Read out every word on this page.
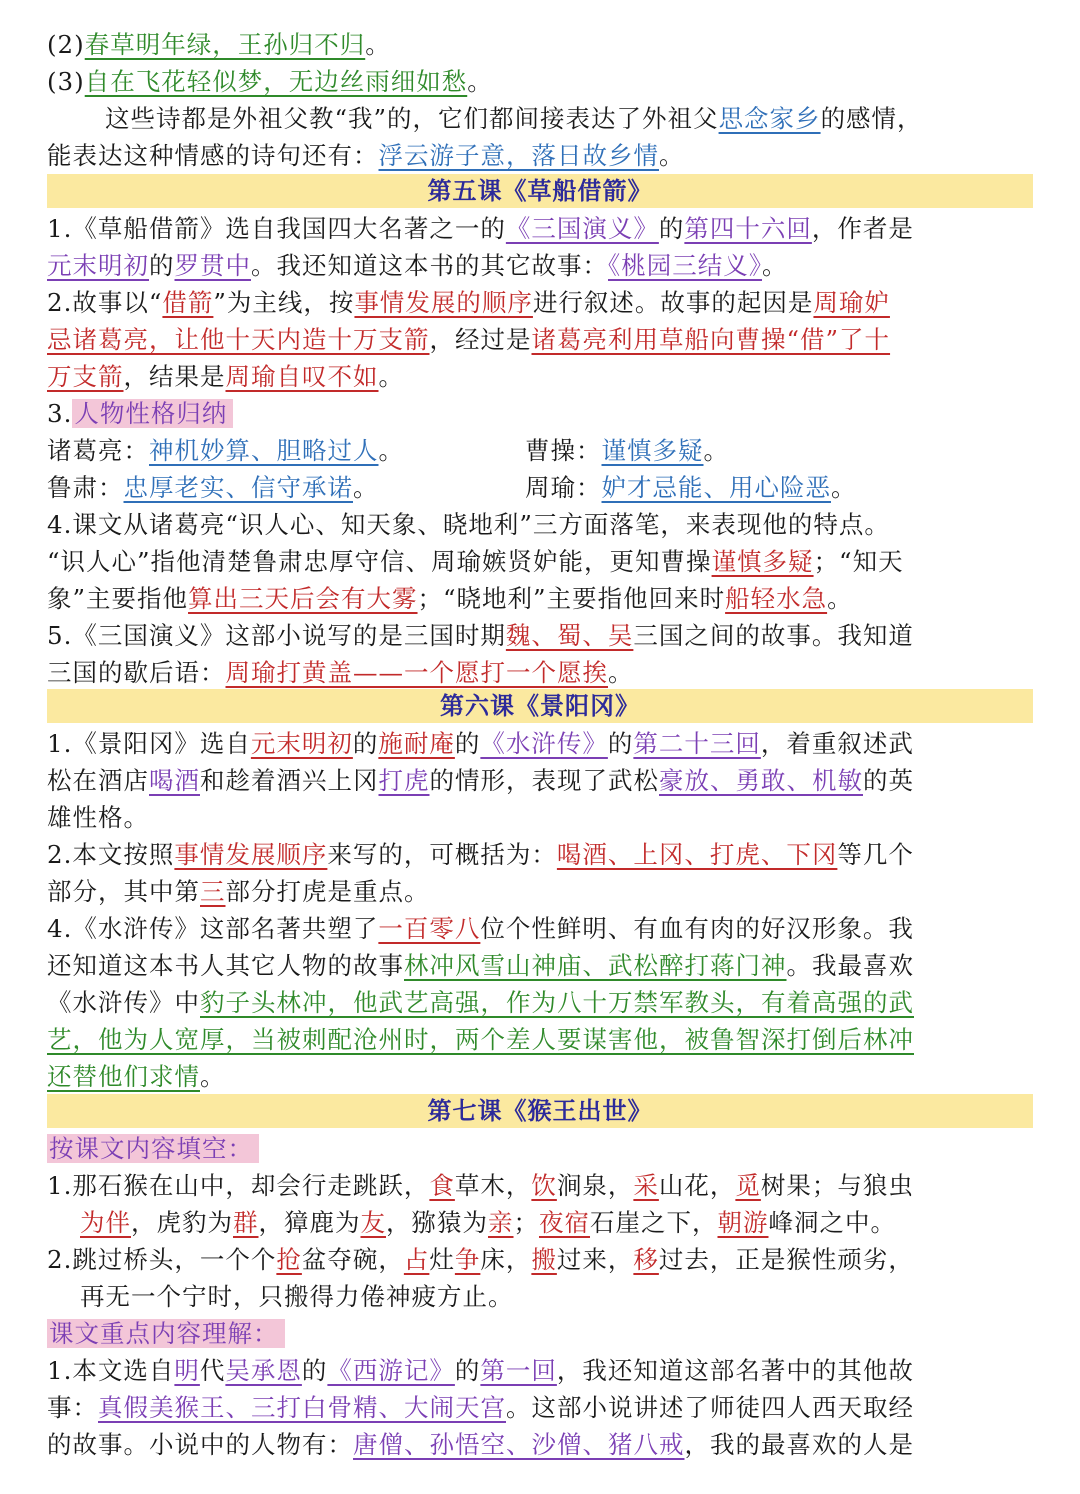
(2)春草明年绿，王孙归不归。
(3)自在飞花轻似梦，无边丝雨细如愁。
这些诗都是外祖父教“我”的，它们都间接表达了外祖父思念家乡的感情，
能表达这种情感的诗句还有：浮云游子意，落日故乡情。
第五课《草船借箭》
1.《草船借箭》选自我国四大名著之一的《三国演义》的第四十六回，作者是
元末明初的罗贯中。我还知道这本书的其它故事：《桃园三结义》。
2.故事以“借箭”为主线，按事情发展的顺序进行叙述。故事的起因是周瑜妒
忌诸葛亮，让他十天内造十万支箭，经过是诸葛亮利用草船向曹操“借”了十
万支箭，结果是周瑜自叹不如。
3.人物性格归纳
诸葛亮：神机妙算、胆略过人。	曹操：谨慎多疑。
鲁肃：忠厚老实、信守承诺。	周瑜：妒才忌能、用心险恶。
4.课文从诸葛亮“识人心、知天象、晓地利”三方面落笔，来表现他的特点。
“识人心”指他清楚鲁肃忠厚守信、周瑜嫉贤妒能，更知曹操谨慎多疑；“知天
象”主要指他算出三天后会有大雾；“晓地利”主要指他回来时船轻水急。
5.《三国演义》这部小说写的是三国时期魏、蜀、吴三国之间的故事。我知道
三国的歇后语：周瑜打黄盖——一个愿打一个愿挨。
第六课《景阳冈》
1.《景阳冈》选自元末明初的施耐庵的《水浒传》的第二十三回，着重叙述武
松在酒店喝酒和趁着酒兴上冈打虎的情形，表现了武松豪放、勇敢、机敏的英
雄性格。
2.本文按照事情发展顺序来写的，可概括为：喝酒、上冈、打虎、下冈等几个
部分，其中第三部分打虎是重点。
4.《水浒传》这部名著共塑了一百零八位个性鲜明、有血有肉的好汉形象。我
还知道这本书人其它人物的故事林冲风雪山神庙、武松醉打蒋门神。我最喜欢
《水浒传》中豹子头林冲，他武艺高强，作为八十万禁军教头，有着高强的武
艺，他为人宽厚，当被刺配沧州时，两个差人要谋害他，被鲁智深打倒后林冲
还替他们求情。
第七课《猴王出世》
按课文内容填空：
1.那石猴在山中，却会行走跳跃，食草木，饮涧泉，采山花，觅树果；与狼虫
为伴，虎豹为群，獐鹿为友，猕猿为亲；夜宿石崖之下，朝游峰洞之中。
2.跳过桥头，一个个抢盆夺碗，占灶争床，搬过来，移过去，正是猴性顽劣，
再无一个宁时，只搬得力倦神疲方止。
课文重点内容理解：
1.本文选自明代吴承恩的《西游记》的第一回，我还知道这部名著中的其他故
事：真假美猴王、三打白骨精、大闹天宫。这部小说讲述了师徒四人西天取经
的故事。小说中的人物有：唐僧、孙悟空、沙僧、猪八戒，我的最喜欢的人是
